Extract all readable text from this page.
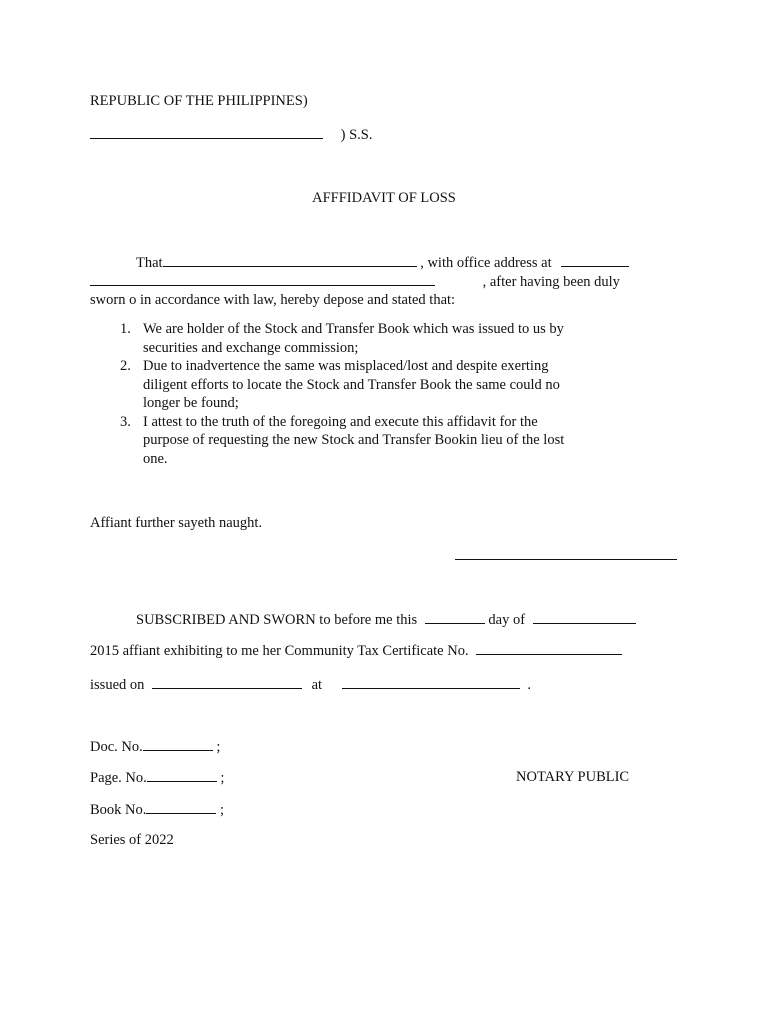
REPUBLIC OF THE PHILIPPINES)
) S.S.
AFFFIDAVIT OF LOSS
That	, with office address at
, after having been duly
sworn o in accordance with law, hereby depose and stated that:
1. We are holder of the Stock and Transfer Book which was issued to us by
securities and exchange commission;
2. Due to inadvertence the same was misplaced/lost and despite exerting
diligent efforts to locate the Stock and Transfer Book the same could no
longer be found;
3. I attest to the truth of the foregoing and execute this affidavit for the
purpose of requesting the new Stock and Transfer Bookin lieu of the lost
one.
Affiant further sayeth naught.
SUBSCRIBED AND SWORN to before me this	day of
2015 affiant exhibiting to me her Community Tax Certificate No.
issued on	at	.
Doc. No.	;
Page. No.	;	NOTARY PUBLIC
Book No.	;
Series of 2022
